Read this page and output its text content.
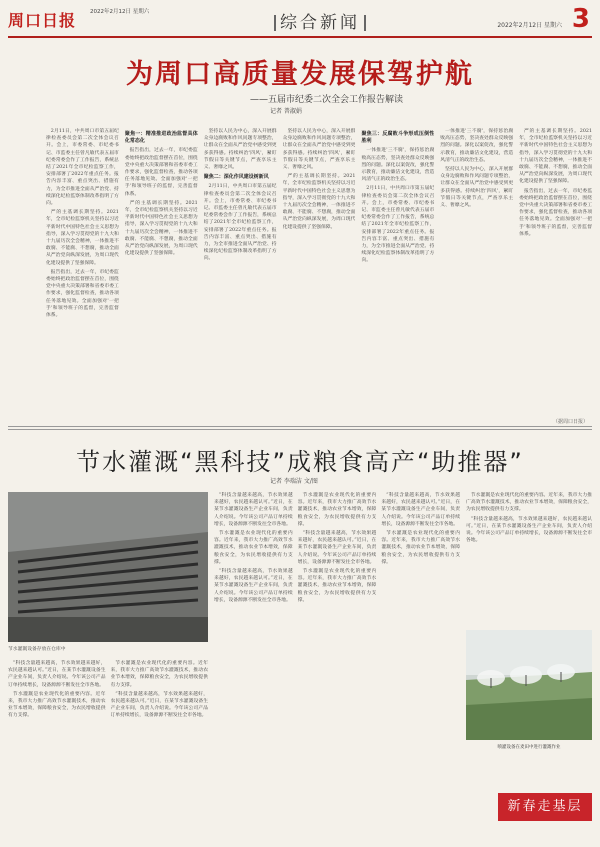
周口日报	2022年2月12日 星期六
综合新闻	2022年2月12日 星期六 3
为周口高质量发展保驾护航
——五届市纪委二次全会工作报告解读
记者 普淑娟

2月11日，中共周口市第五届纪律检查委员会第二次全体会议召开。会上，市委常委、市纪委书记、市监委主任曾凡敏代表五届市纪委常委会作了工作报告，系统总结了2021年全市纪检监察工作，安排部署了2022年重点任务。报告内容丰富、重点突出、措施有力，为全市推进全面从严治党、持续深化纪检监察体制改革指明了方向。

严的主基调长期坚持。2021年，全市纪检监察机关坚持以习近平新时代中国特色社会主义思想为指导，深入学习贯彻党的十九大和十九届历次全会精神，一体推进不敢腐、不能腐、不想腐，推动全面从严治党向纵深发展，为周口现代化建设提供了坚强保障。

报告指出，过去一年，市纪委监委始终把政治监督摆在首位，围绕党中央重大决策部署和省委市委工作要求，强化监督检查，推动各项任务落地见效。全面加强对'一把手'和领导班子的监督，完善监督体系。

聚焦一：精准推进政治监督具体化常态化

报告指出，过去一年，市纪委监委始终把政治监督摆在首位，围绕党中央重大决策部署和省委市委工作要求，强化监督检查，推动各项任务落地见效。全面加强对'一把手'和领导班子的监督，完善监督体系。

严的主基调长期坚持。2021年，全市纪检监察机关坚持以习近平新时代中国特色社会主义思想为指导，深入学习贯彻党的十九大和十九届历次全会精神，一体推进不敢腐、不能腐、不想腐，推动全面从严治党向纵深发展，为周口现代化建设提供了坚强保障。

坚持以人民为中心，深入开展群众身边腐败和作风问题专项整治，让群众在全面从严治党中感受到更多获得感。持续纠治'四风'，紧盯节假日等关键节点，严查享乐主义、奢靡之风。

聚焦二：深化作风建设树新风

2月11日，中共周口市第五届纪律检查委员会第二次全体会议召开。会上，市委常委、市纪委书记、市监委主任曾凡敏代表五届市纪委常委会作了工作报告，系统总结了2021年全市纪检监察工作，安排部署了2022年重点任务。报告内容丰富、重点突出、措施有力，为全市推进全面从严治党、持续深化纪检监察体制改革指明了方向。

坚持以人民为中心，深入开展群众身边腐败和作风问题专项整治，让群众在全面从严治党中感受到更多获得感。持续纠治'四风'，紧盯节假日等关键节点，严查享乐主义、奢靡之风。

严的主基调长期坚持。2021年，全市纪检监察机关坚持以习近平新时代中国特色社会主义思想为指导，深入学习贯彻党的十九大和十九届历次全会精神，一体推进不敢腐、不能腐、不想腐，推动全面从严治党向纵深发展，为周口现代化建设提供了坚强保障。

聚焦三：反腐败斗争形成压倒性胜利

一体推进'三不腐'，保持惩治腐败高压态势，坚决查处群众反映强烈的问题。深化以案促改，强化警示教育，推动廉洁文化建设，营造风清气正的政治生态。

2月11日，中共周口市第五届纪律检查委员会第二次全体会议召开。会上，市委常委、市纪委书记、市监委主任曾凡敏代表五届市纪委常委会作了工作报告，系统总结了2021年全市纪检监察工作，安排部署了2022年重点任务。报告内容丰富、重点突出、措施有力，为全市推进全面从严治党、持续深化纪检监察体制改革指明了方向。

一体推进'三不腐'，保持惩治腐败高压态势，坚决查处群众反映强烈的问题。深化以案促改，强化警示教育，推动廉洁文化建设，营造风清气正的政治生态。

坚持以人民为中心，深入开展群众身边腐败和作风问题专项整治，让群众在全面从严治党中感受到更多获得感。持续纠治'四风'，紧盯节假日等关键节点，严查享乐主义、奢靡之风。

严的主基调长期坚持。2021年，全市纪检监察机关坚持以习近平新时代中国特色社会主义思想为指导，深入学习贯彻党的十九大和十九届历次全会精神，一体推进不敢腐、不能腐、不想腐，推动全面从严治党向纵深发展，为周口现代化建设提供了坚强保障。

报告指出，过去一年，市纪委监委始终把政治监督摆在首位，围绕党中央重大决策部署和省委市委工作要求，强化监督检查，推动各项任务落地见效。全面加强对'一把手'和领导班子的监督，完善监督体系。

（据周口日报）
节水灌溉“黑科技”成粮食高产“助推器”
记者 李瑞洁 文/图
节水灌溉设备存放在仓库中

“科技含量越来越高，节水效果越来越好，农民越来越认可。”近日，在某节水灌溉设备生产企业车间，负责人介绍说。今年该公司产品订单持续增长，设备源源不断发往全市各地。

节水灌溉是农业现代化的重要内容。近年来，我市大力推广高效节水灌溉技术，推动农业节本增效，保障粮食安全，为农民增收提供有力支撑。

节水灌溉是农业现代化的重要内容。近年来，我市大力推广高效节水灌溉技术，推动农业节本增效，保障粮食安全，为农民增收提供有力支撑。

“科技含量越来越高，节水效果越来越好，农民越来越认可。”近日，在某节水灌溉设备生产企业车间，负责人介绍说。今年该公司产品订单持续增长，设备源源不断发往全市各地。

“科技含量越来越高，节水效果越来越好，农民越来越认可。”近日，在某节水灌溉设备生产企业车间，负责人介绍说。今年该公司产品订单持续增长，设备源源不断发往全市各地。

节水灌溉是农业现代化的重要内容。近年来，我市大力推广高效节水灌溉技术，推动农业节本增效，保障粮食安全，为农民增收提供有力支撑。

“科技含量越来越高，节水效果越来越好，农民越来越认可。”近日，在某节水灌溉设备生产企业车间，负责人介绍说。今年该公司产品订单持续增长，设备源源不断发往全市各地。

节水灌溉是农业现代化的重要内容。近年来，我市大力推广高效节水灌溉技术，推动农业节本增效，保障粮食安全，为农民增收提供有力支撑。

“科技含量越来越高，节水效果越来越好，农民越来越认可。”近日，在某节水灌溉设备生产企业车间，负责人介绍说。今年该公司产品订单持续增长，设备源源不断发往全市各地。

节水灌溉是农业现代化的重要内容。近年来，我市大力推广高效节水灌溉技术，推动农业节本增效，保障粮食安全，为农民增收提供有力支撑。

“科技含量越来越高，节水效果越来越好，农民越来越认可。”近日，在某节水灌溉设备生产企业车间，负责人介绍说。今年该公司产品订单持续增长，设备源源不断发往全市各地。

节水灌溉是农业现代化的重要内容。近年来，我市大力推广高效节水灌溉技术，推动农业节本增效，保障粮食安全，为农民增收提供有力支撑。

节水灌溉是农业现代化的重要内容。近年来，我市大力推广高效节水灌溉技术，推动农业节本增效，保障粮食安全，为农民增收提供有力支撑。

“科技含量越来越高，节水效果越来越好，农民越来越认可。”近日，在某节水灌溉设备生产企业车间，负责人介绍说。今年该公司产品订单持续增长，设备源源不断发往全市各地。

喷灌设备在麦田中进行灌溉作业
新春走基层
